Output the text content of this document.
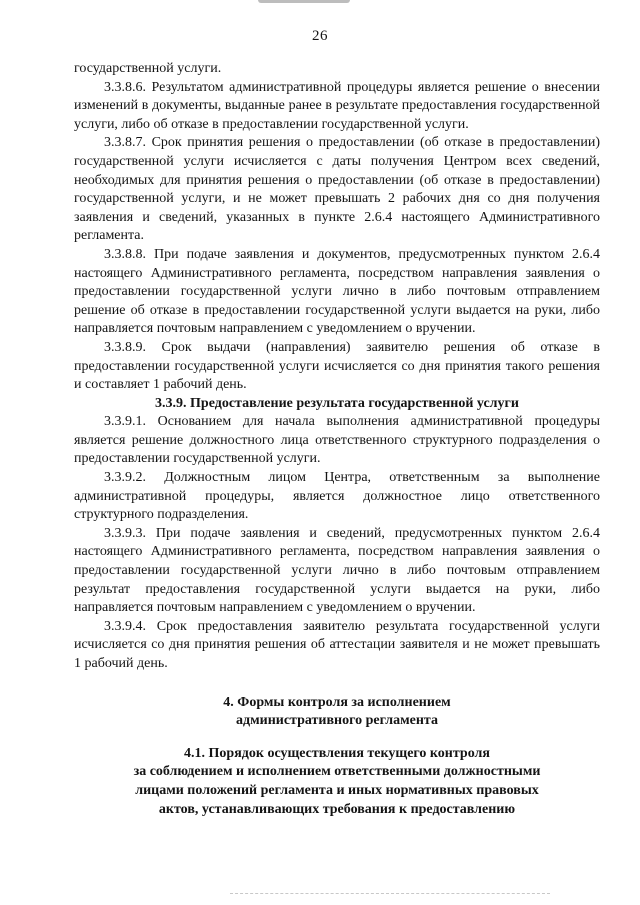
26

государственной услуги.

3.3.8.6. Результатом административной процедуры является решение о внесении изменений в документы, выданные ранее в результате предоставления государственной услуги, либо об отказе в предоставлении государственной услуги.

3.3.8.7. Срок принятия решения о предоставлении (об отказе в предоставлении) государственной услуги исчисляется с даты получения Центром всех сведений, необходимых для принятия решения о предоставлении (об отказе в предоставлении) государственной услуги, и не может превышать 2 рабочих дня со дня получения заявления и сведений, указанных в пункте 2.6.4 настоящего Административного регламента.

3.3.8.8. При подаче заявления и документов, предусмотренных пунктом 2.6.4 настоящего Административного регламента, посредством направления заявления о предоставлении государственной услуги лично в либо почтовым отправлением решение об отказе в предоставлении государственной услуги выдается на руки, либо направляется почтовым направлением с уведомлением о вручении.

3.3.8.9. Срок выдачи (направления) заявителю решения об отказе в предоставлении государственной услуги исчисляется со дня принятия такого решения и составляет 1 рабочий день.

3.3.9. Предоставление результата государственной услуги

3.3.9.1. Основанием для начала выполнения административной процедуры является решение должностного лица ответственного структурного подразделения о предоставлении государственной услуги.

3.3.9.2. Должностным лицом Центра, ответственным за выполнение административной процедуры, является должностное лицо ответственного структурного подразделения.

3.3.9.3. При подаче заявления и сведений, предусмотренных пунктом 2.6.4 настоящего Административного регламента, посредством направления заявления о предоставлении государственной услуги лично в либо почтовым отправлением результат предоставления государственной услуги выдается на руки, либо направляется почтовым направлением с уведомлением о вручении.

3.3.9.4. Срок предоставления заявителю результата государственной услуги исчисляется со дня принятия решения об аттестации заявителя и не может превышать 1 рабочий день.

4. Формы контроля за исполнением

административного регламента

4.1. Порядок осуществления текущего контроля

за соблюдением и исполнением ответственными должностными

лицами положений регламента и иных нормативных правовых

актов, устанавливающих требования к предоставлению
